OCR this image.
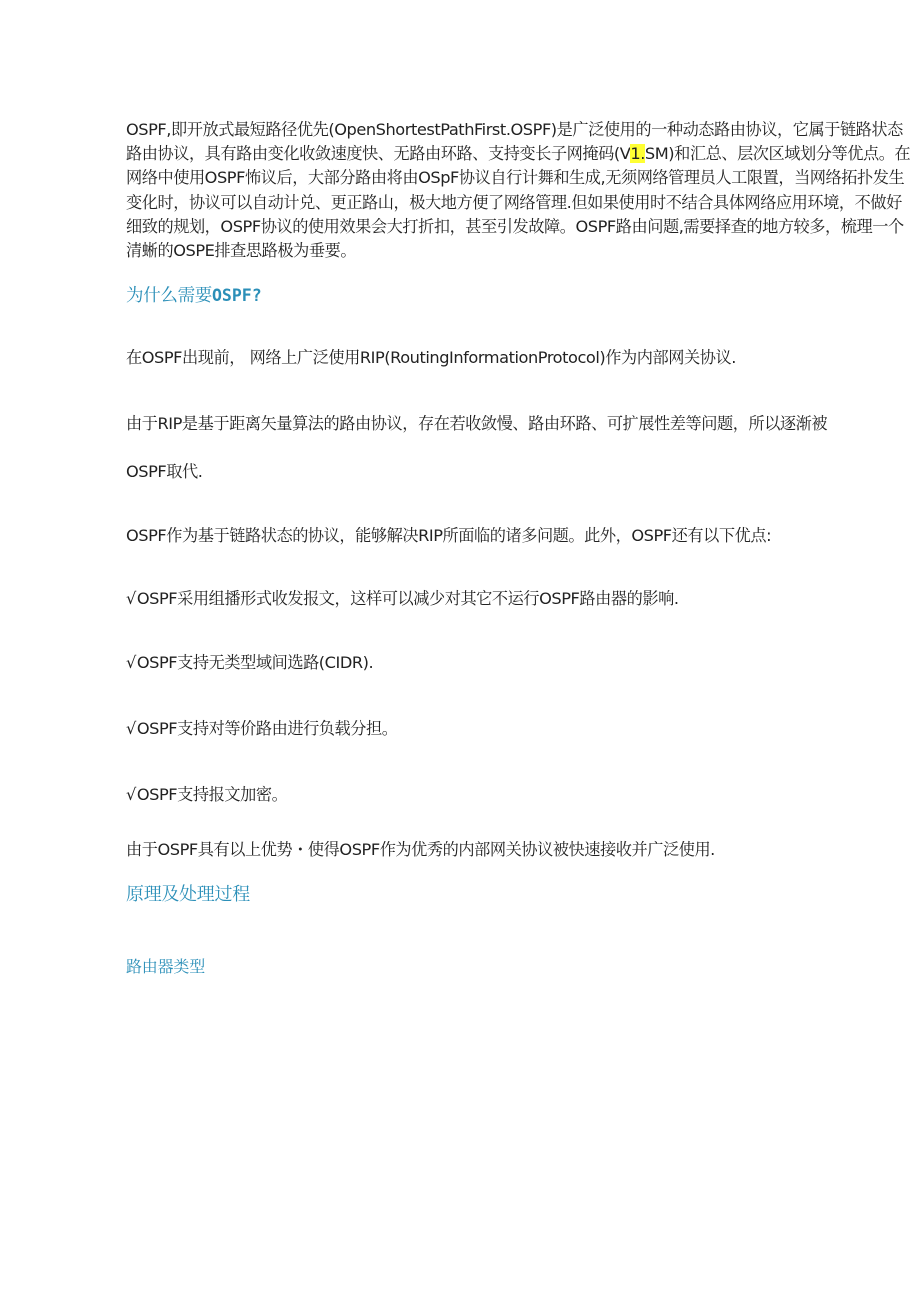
OSPF,即开放式最短路径优先(OpenShortestPathFirst.OSPF)是广泛使用的一种动态路由协议，它属于链路状态路由协议，具有路由变化收敛速度快、无路由环路、支持变长子网掩码(V1.SM)和汇总、层次区域划分等优点。在网络中使用OSPF怖议后，大部分路由将由OSpF协议自行计舞和生成,无须网络管理员人工限置，当网络拓扑发生变化时，协议可以自动计兑、更正路山，极大地方便了网络管理.但如果使用时不结合具体网络应用环境，不做好细致的规划，OSPF协议的使用效果会大打折扣，甚至引发故障。OSPF路由问题,需要择查的地方较多，梳理一个清蜥的OSPE排查思路极为垂要。
为什么需要OSPF?
在OSPF出现前， 网络上广泛使用RIP(RoutingInformationProtocol)作为内部网关协议.
由于RIP是基于距离矢量算法的路由协议，存在若收敛慢、路由环路、可扩展性差等问题，所以逐渐被
OSPF取代.
OSPF作为基于链路状态的协议，能够解决RIP所面临的诸多问题。此外，OSPF还有以下优点:
√OSPF采用组播形式收发报文，这样可以减少对其它不运行OSPF路由器的影响.
√OSPF支持无类型域间选路(CIDR).
√OSPF支持对等价路由进行负载分担。
√OSPF支持报文加密。
由于OSPF具有以上优势・使得OSPF作为优秀的内部网关协议被快速接收并广泛使用.
原理及处理过程
路由器类型
